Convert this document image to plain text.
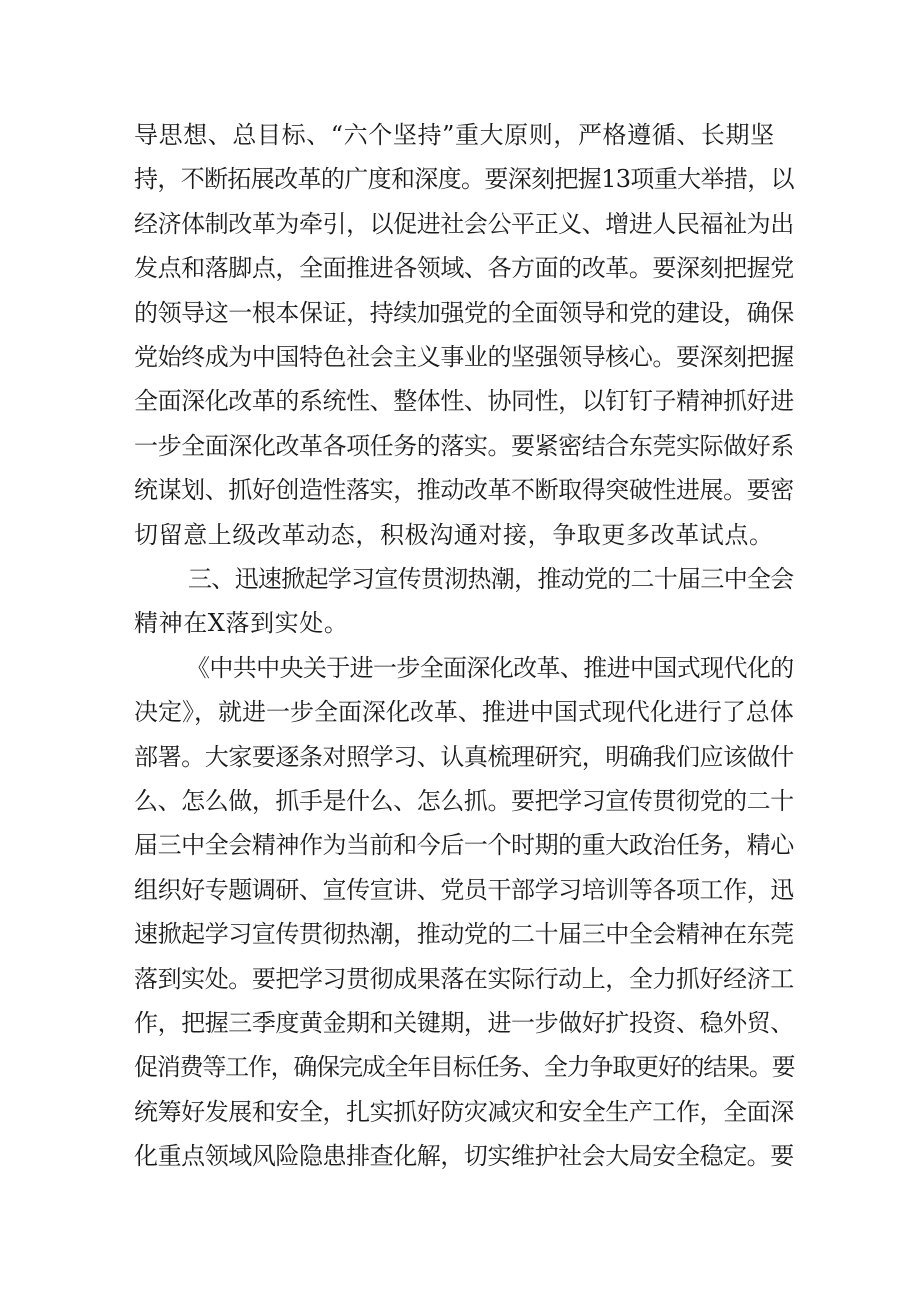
导思想、总目标、“六个坚持”重大原则，严格遵循、长期坚
持，不断拓展改革的广度和深度。要深刻把握13项重大举措，以
经济体制改革为牵引，以促进社会公平正义、增进人民福祉为出
发点和落脚点，全面推进各领域、各方面的改革。要深刻把握党
的领导这一根本保证，持续加强党的全面领导和党的建设，确保
党始终成为中国特色社会主义事业的坚强领导核心。要深刻把握
全面深化改革的系统性、整体性、协同性，以钉钉子精神抓好进
一步全面深化改革各项任务的落实。要紧密结合东莞实际做好系
统谋划、抓好创造性落实，推动改革不断取得突破性进展。要密
切留意上级改革动态，积极沟通对接，争取更多改革试点。
三、迅速掀起学习宣传贯沏热潮，推动党的二十届三中全会
精神在X落到实处。
《中共中央关于进一步全面深化改革、推进中国式现代化的
决定》，就进一步全面深化改革、推进中国式现代化进行了总体
部署。大家要逐条对照学习、认真梳理研究，明确我们应该做什
么、怎么做，抓手是什么、怎么抓。要把学习宣传贯彻党的二十
届三中全会精神作为当前和今后一个时期的重大政治任务，精心
组织好专题调研、宣传宣讲、党员干部学习培训等各项工作，迅
速掀起学习宣传贯彻热潮，推动党的二十届三中全会精神在东莞
落到实处。要把学习贯彻成果落在实际行动上，全力抓好经济工
作，把握三季度黄金期和关键期，进一步做好扩投资、稳外贸、
促消费等工作，确保完成全年目标任务、全力争取更好的结果。要
统筹好发展和安全，扎实抓好防灾减灾和安全生产工作，全面深
化重点领域风险隐患排查化解，切实维护社会大局安全稳定。要
